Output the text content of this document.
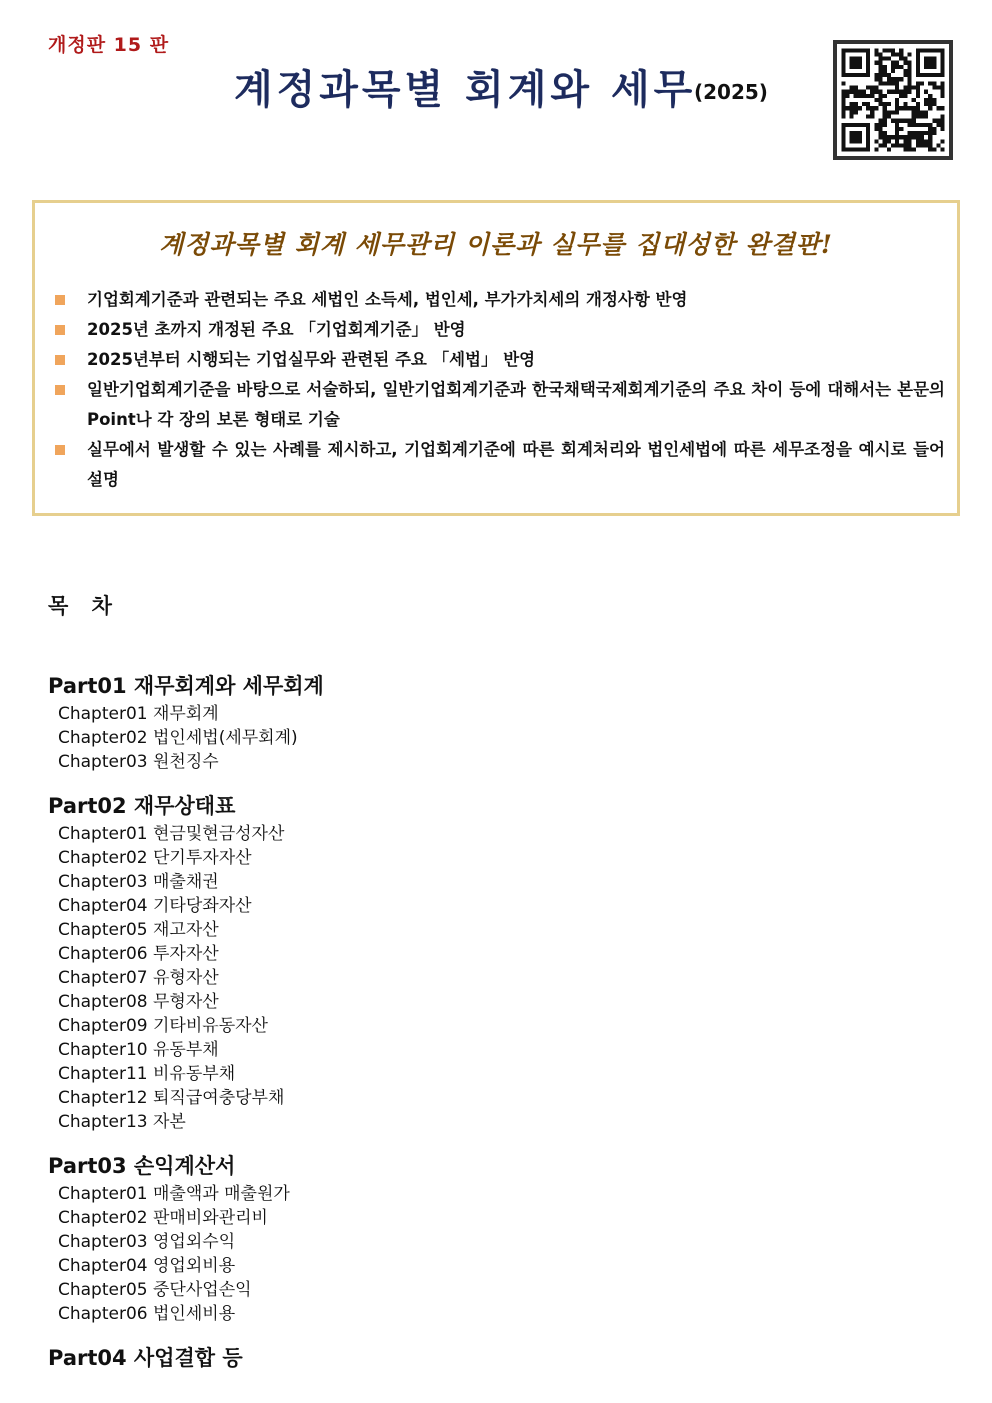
개정판 15 판
계정과목별 회계와 세무
(2025)
계정과목별 회계 세무관리 이론과 실무를 집대성한 완결판!
기업회계기준과 관련되는 주요 세법인 소득세, 법인세, 부가가치세의 개정사항 반영
2025년 초까지 개정된 주요 「기업회계기준」 반영
2025년부터 시행되는 기업실무와 관련된 주요 「세법」 반영
일반기업회계기준을 바탕으로 서술하되, 일반기업회계기준과 한국채택국제회계기준의 주요 차이 등에 대해서는 본문의 Point나 각 장의 보론 형태로 기술
실무에서 발생할 수 있는 사례를 제시하고, 기업회계기준에 따른 회계처리와 법인세법에 따른 세무조정을 예시로 들어 설명
목 차
Part01 재무회계와 세무회계
Chapter01 재무회계
Chapter02 법인세법(세무회계)
Chapter03 원천징수
Part02 재무상태표
Chapter01 현금및현금성자산
Chapter02 단기투자자산
Chapter03 매출채권
Chapter04 기타당좌자산
Chapter05 재고자산
Chapter06 투자자산
Chapter07 유형자산
Chapter08 무형자산
Chapter09 기타비유동자산
Chapter10 유동부채
Chapter11 비유동부채
Chapter12 퇴직급여충당부채
Chapter13 자본
Part03 손익계산서
Chapter01 매출액과 매출원가
Chapter02 판매비와관리비
Chapter03 영업외수익
Chapter04 영업외비용
Chapter05 중단사업손익
Chapter06 법인세비용
Part04 사업결합 등
